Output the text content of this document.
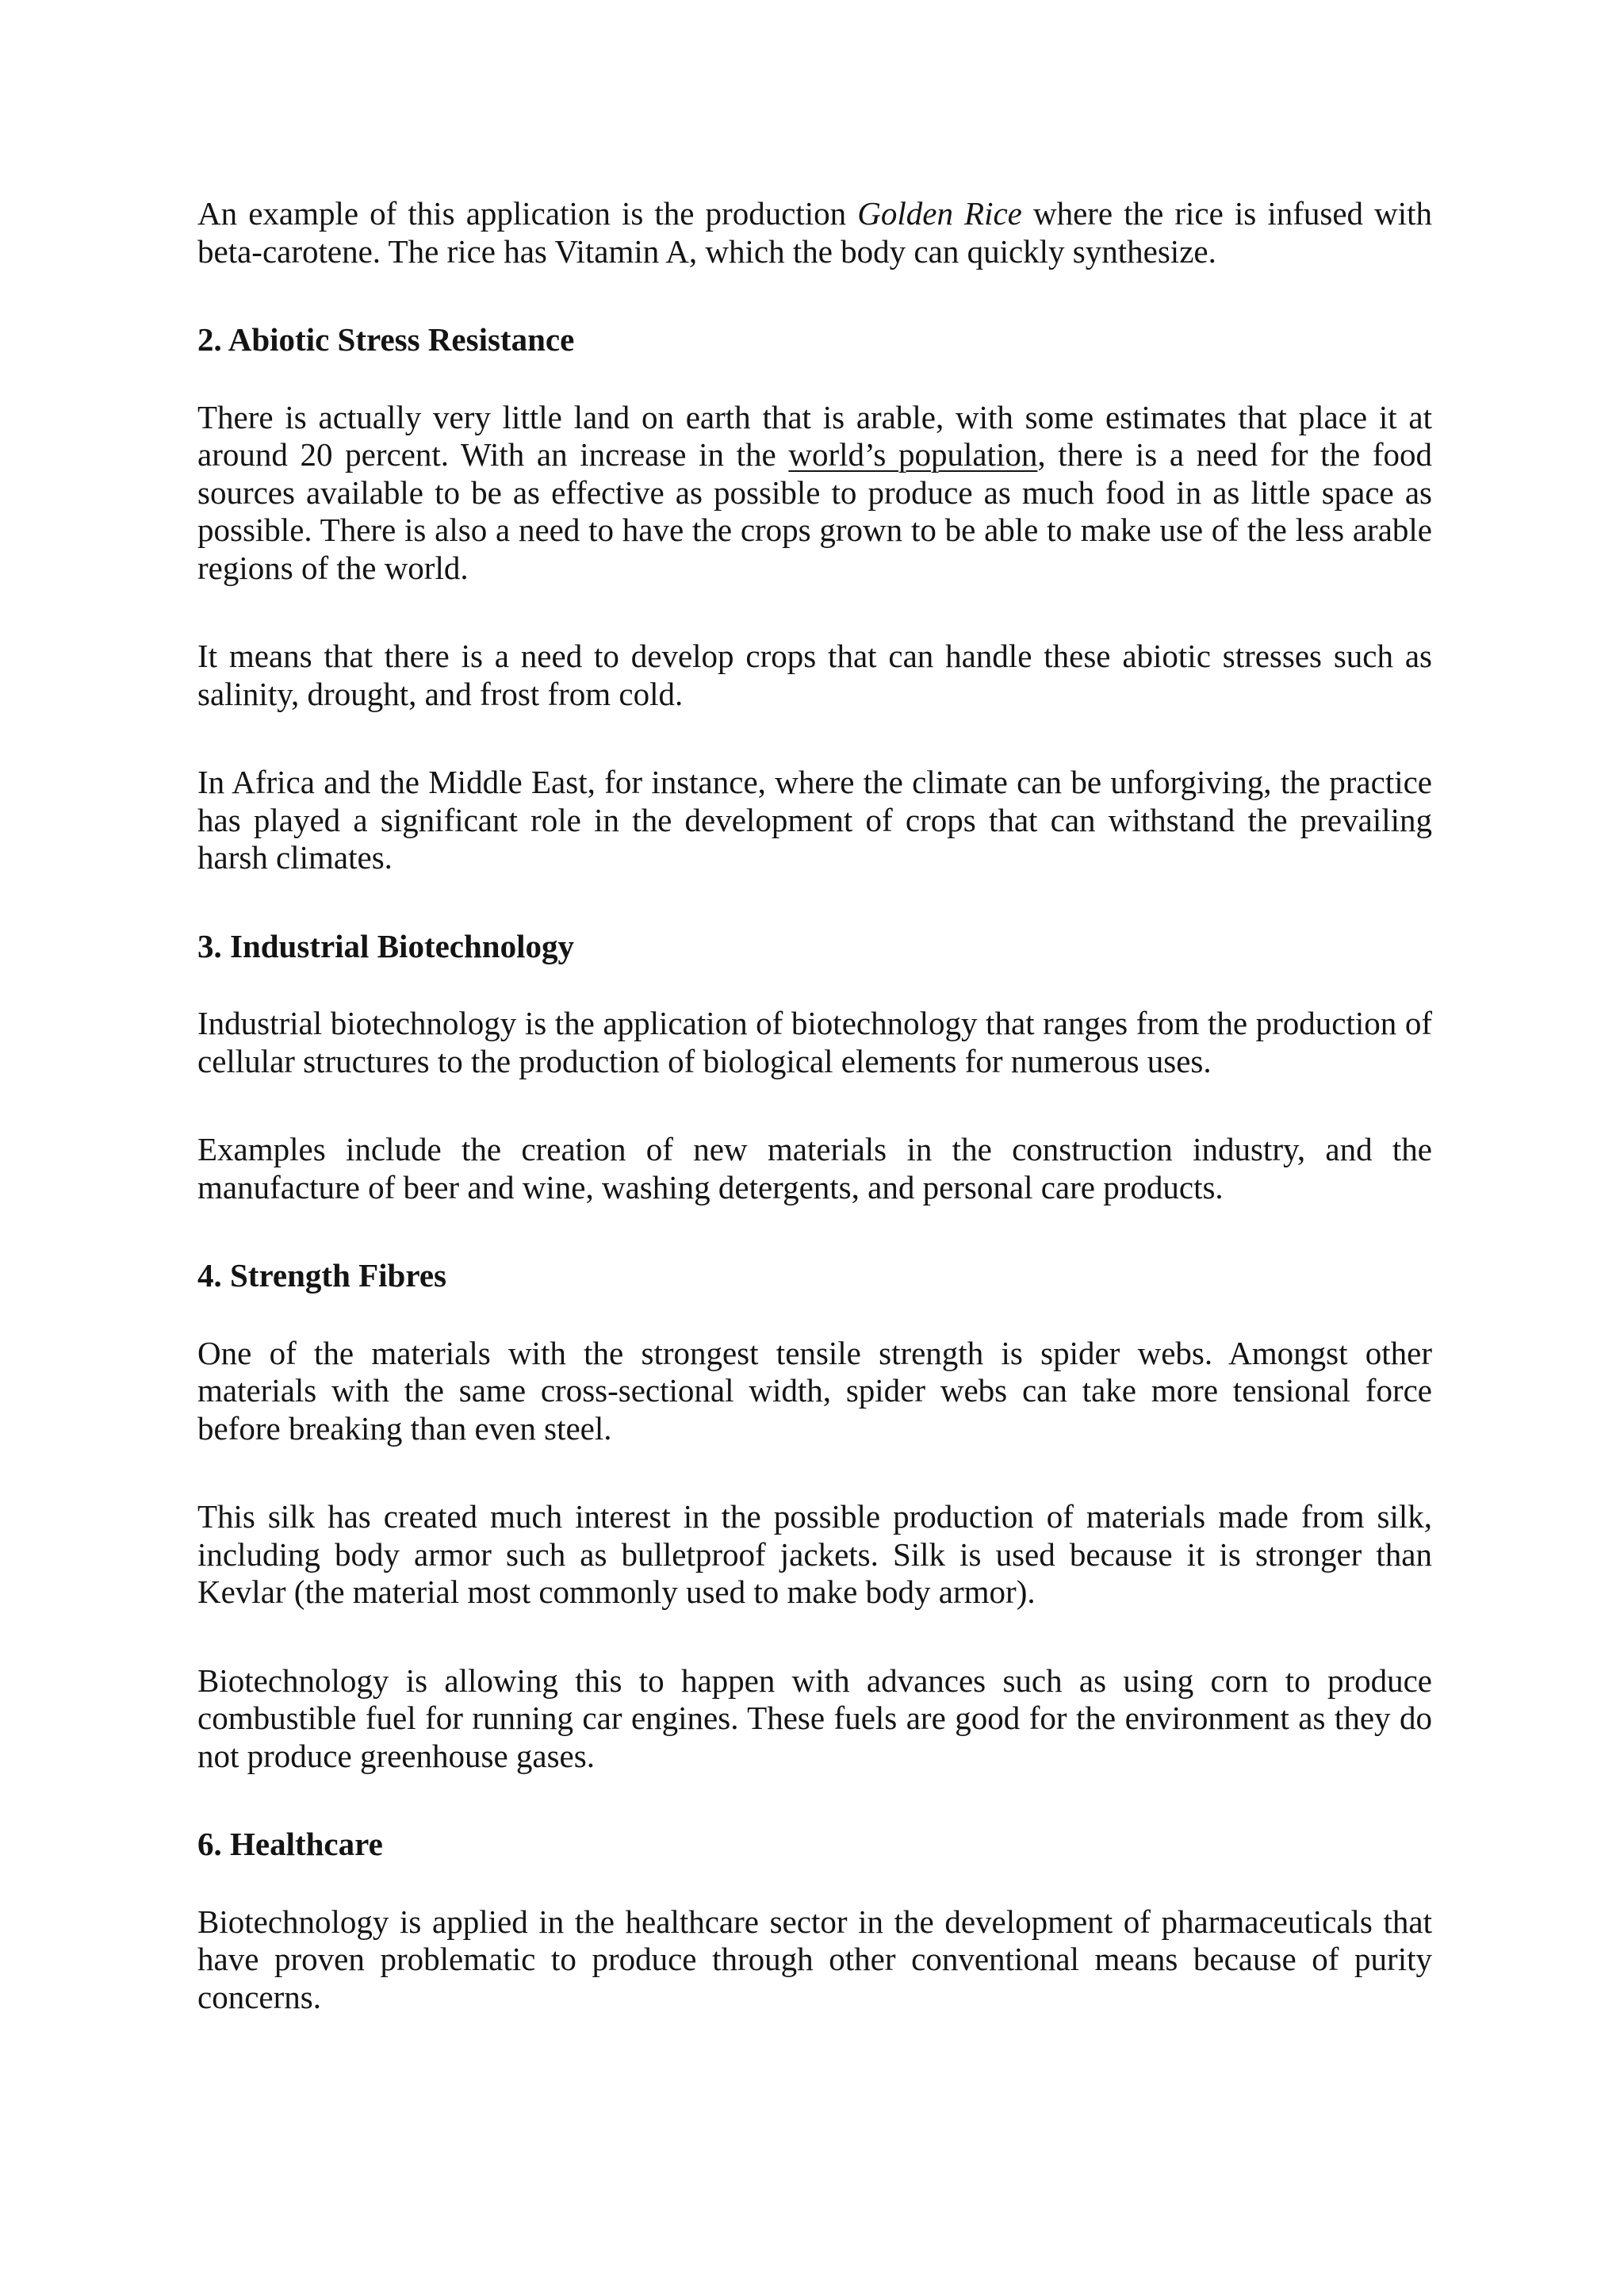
An example of this application is the production Golden Rice where the rice is infused with beta-carotene. The rice has Vitamin A, which the body can quickly synthesize.

2. Abiotic Stress Resistance

There is actually very little land on earth that is arable, with some estimates that place it at around 20 percent. With an increase in the world’s population, there is a need for the food sources available to be as effective as possible to produce as much food in as little space as possible. There is also a need to have the crops grown to be able to make use of the less arable regions of the world.

It means that there is a need to develop crops that can handle these abiotic stresses such as salinity, drought, and frost from cold.

In Africa and the Middle East, for instance, where the climate can be unforgiving, the practice has played a significant role in the development of crops that can withstand the prevailing harsh climates.

3. Industrial Biotechnology

Industrial biotechnology is the application of biotechnology that ranges from the production of cellular structures to the production of biological elements for numerous uses.

Examples include the creation of new materials in the construction industry, and the manufacture of beer and wine, washing detergents, and personal care products.

4. Strength Fibres

One of the materials with the strongest tensile strength is spider webs. Amongst other materials with the same cross-sectional width, spider webs can take more tensional force before breaking than even steel.

This silk has created much interest in the possible production of materials made from silk, including body armor such as bulletproof jackets. Silk is used because it is stronger than Kevlar (the material most commonly used to make body armor).

Biotechnology is allowing this to happen with advances such as using corn to produce combustible fuel for running car engines. These fuels are good for the environment as they do not produce greenhouse gases.

6. Healthcare

Biotechnology is applied in the healthcare sector in the development of pharmaceuticals that have proven problematic to produce through other conventional means because of purity concerns.
